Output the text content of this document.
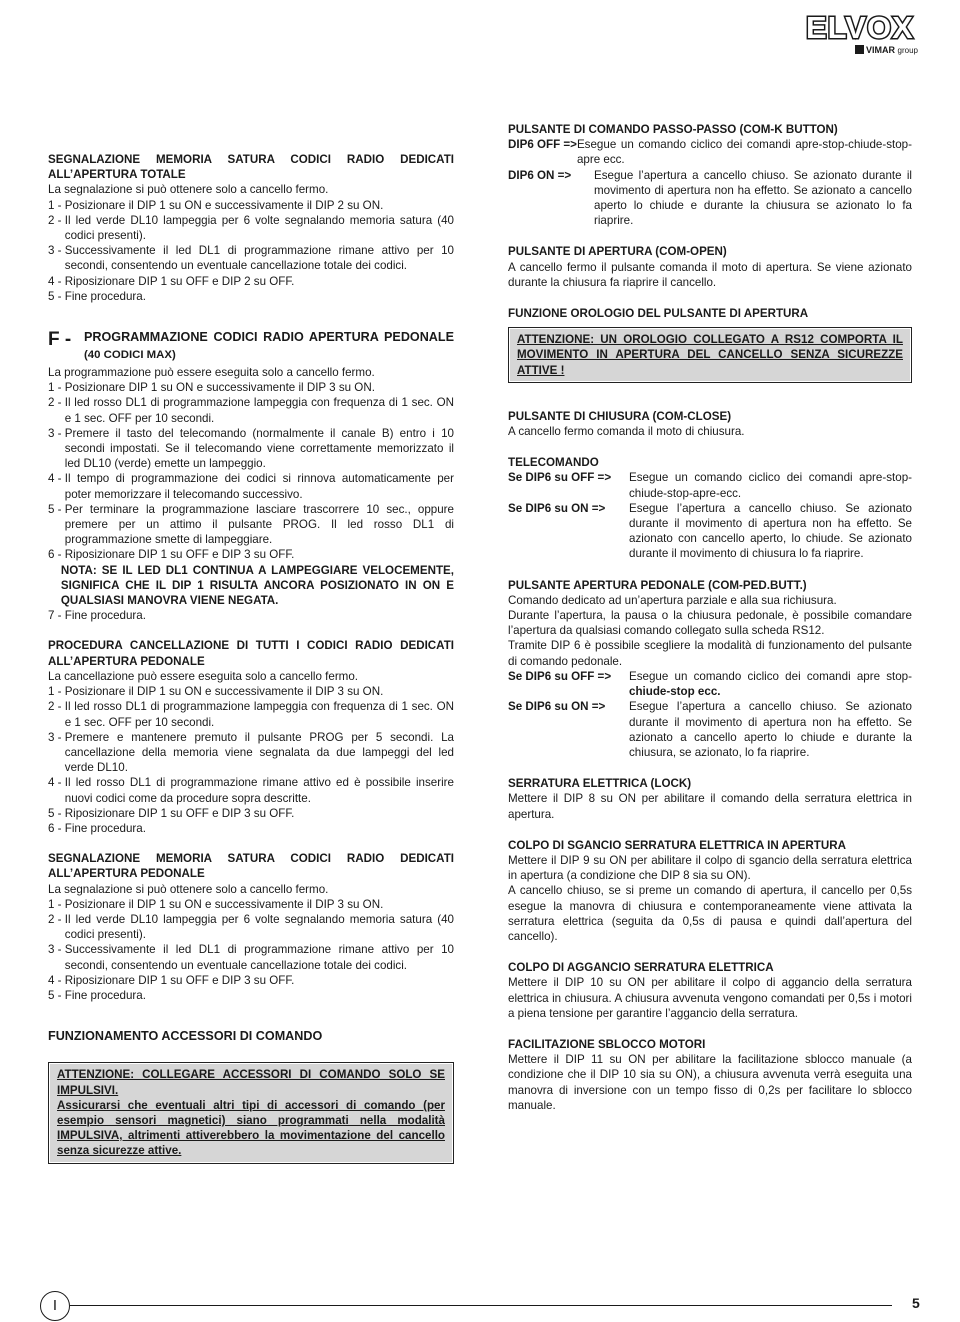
ELVOX
VIMAR group

SEGNALAZIONE MEMORIA SATURA CODICI RADIO DEDICATI ALL’APERTURA TOTALE

La segnalazione si può ottenere solo a cancello fermo.

1 - Posizionare il DIP 1 su ON e successivamente il DIP 2 su ON.
2 - Il led verde DL10 lampeggia per 6 volte segnalando memoria satura (40 codici presenti).
3 - Successivamente il led DL1 di programmazione rimane attivo per 10 secondi, consentendo un eventuale cancellazione totale dei codici.
4 - Riposizionare DIP 1 su OFF e DIP 2 su OFF.
5 - Fine procedura.
F -	PROGRAMMAZIONE CODICI RADIO APERTURA PEDONALE (40 CODICI MAX)

La programmazione può essere eseguita solo a cancello fermo.

1 - Posizionare DIP 1 su ON e successivamente il DIP 3 su ON.
2 - Il led rosso DL1 di programmazione lampeggia con frequenza di 1 sec. ON e 1 sec. OFF per 10 secondi.
3 - Premere il tasto del telecomando (normalmente il canale B) entro i 10 secondi impostati. Se il telecomando viene correttamente memorizzato il led DL10 (verde) emette un lampeggio.
4 - Il tempo di programmazione dei codici si rinnova automaticamente per poter memorizzare il telecomando successivo.
5 - Per terminare la programmazione lasciare trascorrere 10 sec., oppure premere per un attimo il pulsante PROG. Il led rosso DL1 di programmazione smette di lampeggiare.
6 - Riposizionare DIP 1 su OFF e DIP 3 su OFF.

NOTA: SE IL LED DL1 CONTINUA A LAMPEGGIARE VELOCEMENTE, SIGNIFICA CHE IL DIP 1 RISULTA ANCORA POSIZIONATO IN ON E QUALSIASI MANOVRA VIENE NEGATA.
7 - Fine procedura.

PROCEDURA CANCELLAZIONE DI TUTTI I CODICI RADIO DEDICATI ALL’APERTURA PEDONALE

La cancellazione può essere eseguita solo a cancello fermo.

1 - Posizionare il DIP 1 su ON e successivamente il DIP 3 su ON.
2 - Il led rosso DL1 di programmazione lampeggia con frequenza di 1 sec. ON e 1 sec. OFF per 10 secondi.
3 - Premere e mantenere premuto il pulsante PROG per 5 secondi. La cancellazione della memoria viene segnalata da due lampeggi del led verde DL10.
4 - Il led rosso DL1 di programmazione rimane attivo ed è possibile inserire nuovi codici come da procedure sopra descritte.
5 - Riposizionare DIP 1 su OFF e DIP 3 su OFF.
6 - Fine procedura.

SEGNALAZIONE MEMORIA SATURA CODICI RADIO DEDICATI ALL’APERTURA PEDONALE

La segnalazione si può ottenere solo a cancello fermo.

1 - Posizionare il DIP 1 su ON e successivamente il DIP 3 su ON.
2 - Il led verde DL10 lampeggia per 6 volte segnalando memoria satura (40 codici presenti).
3 - Successivamente il led DL1 di programmazione rimane attivo per 10 secondi, consentendo un eventuale cancellazione totale dei codici.
4 - Riposizionare DIP 1 su OFF e DIP 3 su OFF.
5 - Fine procedura.

FUNZIONAMENTO ACCESSORI DI COMANDO

ATTENZIONE: COLLEGARE ACCESSORI DI COMANDO SOLO SE IMPULSIVI.
Assicurarsi che eventuali altri tipi di accessori di comando (per esempio sensori magnetici) siano programmati nella modalità IMPULSIVA, altrimenti attiverebbero la movimentazione del cancello senza sicurezze attive.

PULSANTE DI COMANDO PASSO-PASSO (COM-K BUTTON)

DIP6 OFF => Esegue un comando ciclico dei comandi apre-stop-chiude-stop-apre ecc.
DIP6 ON =>	Esegue l’apertura a cancello chiuso. Se azionato durante il movimento di apertura non ha effetto. Se azionato a cancello aperto lo chiude e durante la chiusura se azionato lo fa riaprire.

PULSANTE DI APERTURA (COM-OPEN)

A cancello fermo il pulsante comanda il moto di apertura. Se viene azionato durante la chiusura fa riaprire il cancello.

FUNZIONE OROLOGIO DEL PULSANTE DI APERTURA

ATTENZIONE: UN OROLOGIO COLLEGATO A RS12 COMPORTA IL MOVIMENTO IN APERTURA DEL CANCELLO SENZA SICUREZZE ATTIVE !

PULSANTE DI CHIUSURA (COM-CLOSE)

A cancello fermo comanda il moto di chiusura.

TELECOMANDO

Se DIP6 su OFF =>	Esegue un comando ciclico dei comandi apre-stop-chiude-stop-apre-ecc.
Se DIP6 su ON =>	Esegue l’apertura a cancello chiuso. Se azionato durante il movimento di apertura non ha effetto. Se azionato con cancello aperto, lo chiude. Se azionato durante il movimento di chiusura lo fa riaprire.

PULSANTE APERTURA PEDONALE (COM-PED.BUTT.)

Comando dedicato ad un’apertura parziale e alla sua richiusura.

Durante l’apertura, la pausa o la chiusura pedonale, è possibile comandare l’apertura da qualsiasi comando collegato sulla scheda RS12.

Tramite DIP 6 è possibile scegliere la modalità di funzionamento del pulsante di comando pedonale.

Se DIP6 su OFF =>	Esegue un comando ciclico dei comandi apre stop-chiude-stop ecc.
Se DIP6 su ON =>	Esegue l’apertura a cancello chiuso. Se azionato durante il movimento di apertura non ha effetto. Se azionato a cancello aperto lo chiude e durante la chiusura, se azionato, lo fa riaprire.

SERRATURA ELETTRICA (LOCK)

Mettere il DIP 8 su ON per abilitare il comando della serratura elettrica in apertura.

COLPO DI SGANCIO SERRATURA ELETTRICA IN APERTURA

Mettere il DIP 9 su ON per abilitare il colpo di sgancio della serratura elettrica in apertura (a condizione che DIP 8 sia su ON).

A cancello chiuso, se si preme un comando di apertura, il cancello per 0,5s esegue la manovra di chiusura e contemporaneamente viene attivata la serratura elettrica (seguita da 0,5s di pausa e quindi dall’apertura del cancello).

COLPO DI AGGANCIO SERRATURA ELETTRICA

Mettere il DIP 10 su ON per abilitare il colpo di aggancio della serratura elettrica in chiusura. A chiusura avvenuta vengono comandati per 0,5s i motori a piena tensione per garantire l’aggancio della serratura.

FACILITAZIONE SBLOCCO MOTORI

Mettere il DIP 11 su ON per abilitare la facilitazione sblocco manuale (a condizione che il DIP 10 sia su ON), a chiusura avvenuta verrà eseguita una manovra di inversione con un tempo fisso di 0,2s per facilitare lo sblocco manuale.

I	5
